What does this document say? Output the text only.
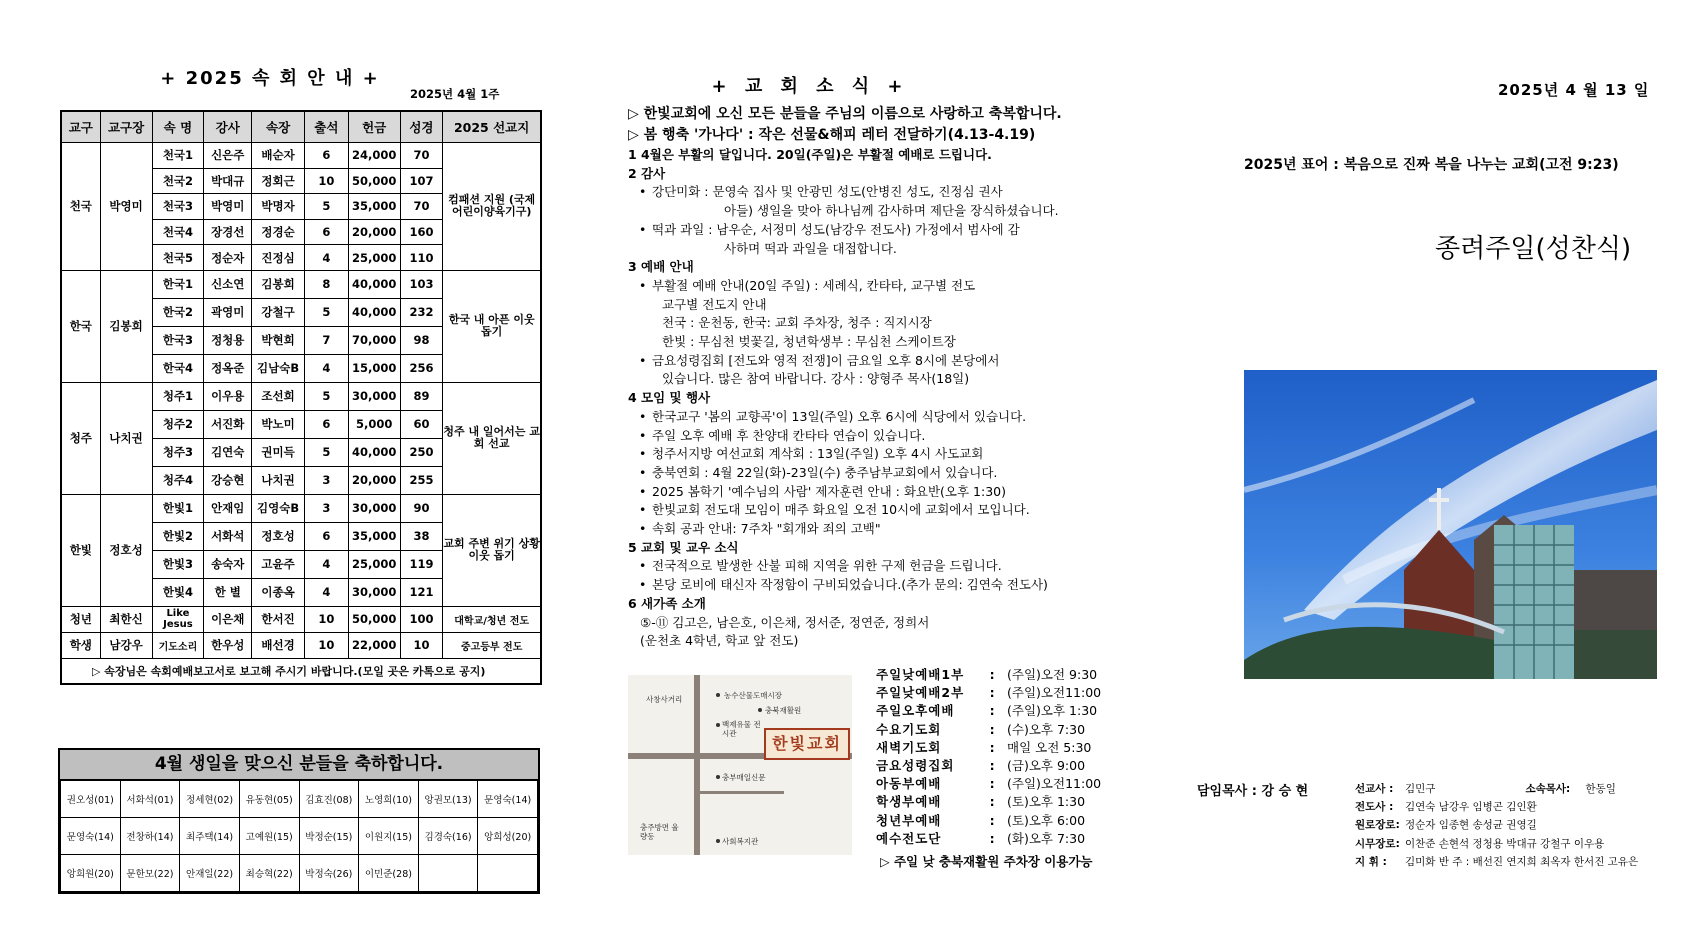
+ 2025 속 회 안 내 +
2025년 4월 1주
교구	교구장	속 명	강사	속장	출석	헌금	성경	2025 선교지
천국	박영미	천국1	신은주	배순자	6	24,000	70	컴패션 지원 (국제어린이양육기구)
		천국2	박대규	정회근	10	50,000	107	
		천국3	박영미	박명자	5	35,000	70	
		천국4	장경선	정경순	6	20,000	160	
		천국5	정순자	진정심	4	25,000	110	
한국	김봉희	한국1	신소연	김봉희	8	40,000	103	한국 내 아픈 이웃 돕기
		한국2	곽영미	강철구	5	40,000	232	
		한국3	정청용	박현희	7	70,000	98	
		한국4	정옥준	김남숙B	4	15,000	256	
청주	나치권	청주1	이우용	조선희	5	30,000	89	청주 내 일어서는 교회 선교
		청주2	서진화	박노미	6	5,000	60	
		청주3	김연숙	권미득	5	40,000	250	
		청주4	강승현	나치권	3	20,000	255	
한빛	정호성	한빛1	안재임	김영숙B	3	30,000	90	교회 주변 위기 상황 이웃 돕기
		한빛2	서화석	정호성	6	35,000	38	
		한빛3	송숙자	고윤주	4	25,000	119	
		한빛4	한 별	이종옥	4	30,000	121	
청년	최한신	Like Jesus	이은채	한서진	10	50,000	100	대학교/청년 전도
학생	남강우	기도소리	한우성	배선경	10	22,000	10	중고등부 전도
▷ 속장님은 속회예배보고서로 보고해 주시기 바랍니다.(모일 곳은 카톡으로 공지)								
4월 생일을 맞으신 분들을 축하합니다.
권오성(01)	서화석(01)	정세현(02)	유동현(05)	김효진(08)	노영희(10)	앙권모(13)	문영숙(14)
문영숙(14)	전창하(14)	최주택(14)	고예원(15)	박정순(15)	이원지(15)	김경숙(16)	앙희성(20)
앙희원(20)	문한모(22)	안재일(22)	최승혁(22)	박정숙(26)	이민준(28)		
+ 교 회 소 식 +
▷ 한빛교회에 오신 모든 분들을 주님의 이름으로 사랑하고 축복합니다.
▷ 봄 행축 '가나다' : 작은 선물&해피 레터 전달하기(4.13-4.19)
1 4월은 부활의 달입니다. 20일(주일)은 부활절 예배로 드립니다.
2 감사
• 강단미화 : 문영숙 집사 및 안광민 성도(안병진 성도, 진정심 권사
아들) 생일을 맞아 하나님께 감사하며 제단을 장식하셨습니다.
• 떡과 과일 : 남우순, 서정미 성도(남강우 전도사) 가정에서 범사에 감
사하며 떡과 과일을 대접합니다.
3 예배 안내
• 부활절 예배 안내(20일 주일) : 세례식, 칸타타, 교구별 전도
교구별 전도지 안내
천국 : 운천동, 한국: 교회 주차장, 청주 : 직지시장
한빛 : 무심천 벚꽃길, 청년학생부 : 무심천 스케이트장
• 금요성령집회 [전도와 영적 전쟁]이 금요일 오후 8시에 본당에서
있습니다. 많은 참여 바랍니다. 강사 : 양형주 목사(18일)
4 모임 및 행사
• 한국교구 '봄의 교향곡'이 13일(주일) 오후 6시에 식당에서 있습니다.
• 주일 오후 예배 후 찬양대 칸타타 연습이 있습니다.
• 청주서지방 여선교회 계삭회 : 13일(주일) 오후 4시 사도교회
• 충북연회 : 4월 22일(화)-23일(수) 충주남부교회에서 있습니다.
• 2025 봄학기 '예수님의 사람' 제자훈련 안내 : 화요반(오후 1:30)
• 한빛교회 전도대 모임이 매주 화요일 오전 10시에 교회에서 모입니다.
• 속회 공과 안내: 7주차 "회개와 죄의 고백"
5 교회 및 교우 소식
• 전국적으로 발생한 산불 피해 지역을 위한 구제 헌금을 드립니다.
• 본당 로비에 태신자 작정함이 구비되었습니다.(추가 문의: 김연숙 전도사)
6 새가족 소개
⑤-⑪ 김고은, 남은호, 이은채, 정서준, 정연준, 정희서
(운천초 4학년, 학교 앞 전도)
사창사거리	농수산물도매시장
충북재활원
백제유물 전시관
한빛교회
충부매일신문
충주방면 율량동
사회복지관
주일낮예배1부	: (주일)오전 9:30
주일낮예배2부	: (주일)오전11:00
주일오후예배	: (주일)오후 1:30
수요기도회	: (수)오후 7:30
새벽기도회	: 매일 오전 5:30
금요성령집회	: (금)오후 9:00
아동부예배	: (주일)오전11:00
학생부예배	: (토)오후 1:30
청년부예배	: (토)오후 6:00
예수전도단	: (화)오후 7:30
▷ 주일 낮 충북재활원 주차장 이용가능
2025년 4 월 13 일
2025년 표어 : 복음으로 진짜 복을 나누는 교회(고전 9:23)
종려주일(성찬식)
담임목사 : 강 승 현	선교사 :	김민구	소속목사:	한동일
전도사 :	김연숙 남강우 임병곤 김인환
원로장로: 정순자 임종현 송성균 권영길
시무장로: 이찬준 손현석 정청용 박대규 강철구 이우용
지 휘 :	김미화 반 주 : 배선진 연지희 최옥자 한서진 고유은
